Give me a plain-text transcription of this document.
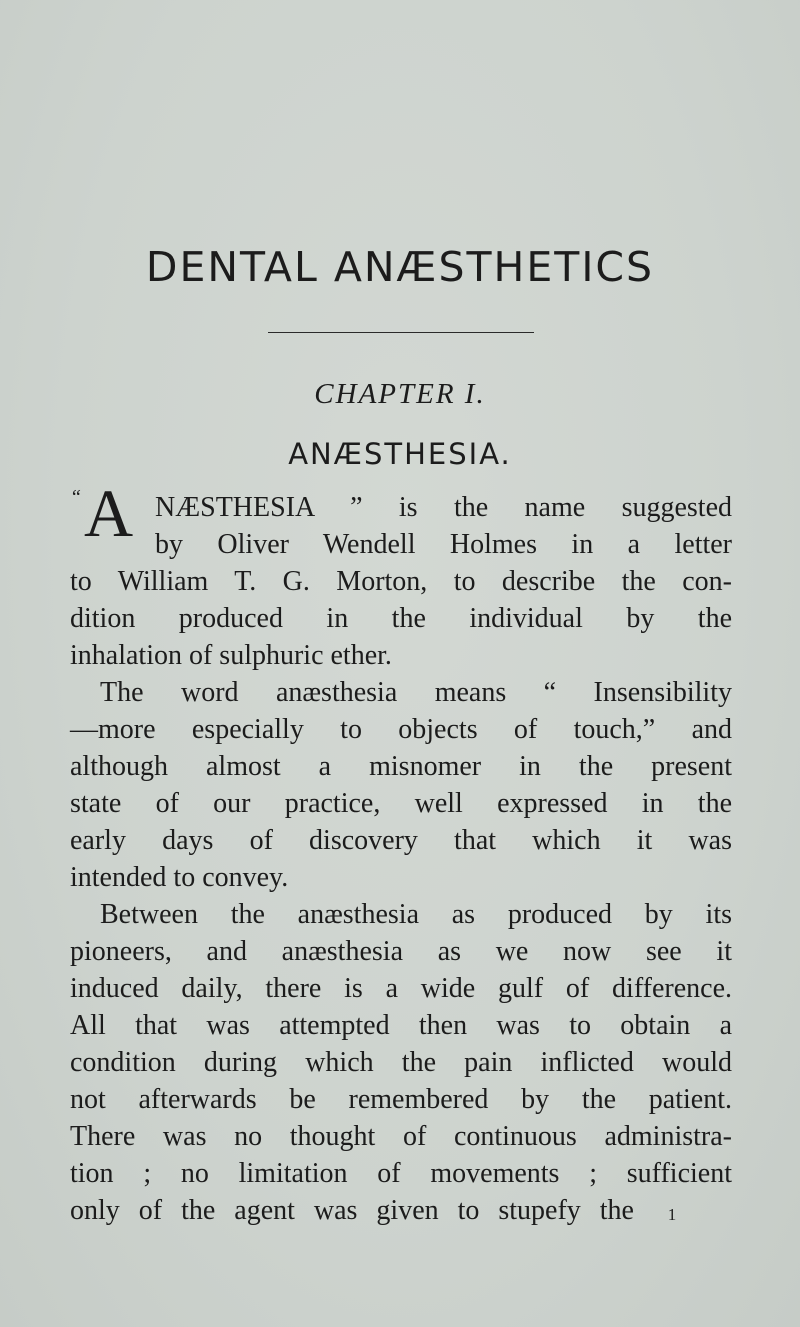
DENTAL ANÆSTHETICS
CHAPTER I.
ANÆSTHESIA.
“ A NÆSTHESIA ” is the name suggested
by Oliver Wendell Holmes in a letter
to William T. G. Morton, to describe the con-
dition produced in the individual by the
inhalation of sulphuric ether.
The word anæsthesia means “ Insensibility
—more especially to objects of touch,” and
although almost a misnomer in the present
state of our practice, well expressed in the
early days of discovery that which it was
intended to convey.
Between the anæsthesia as produced by its
pioneers, and anæsthesia as we now see it
induced daily, there is a wide gulf of difference.
All that was attempted then was to obtain a
condition during which the pain inflicted would
not afterwards be remembered by the patient.
There was no thought of continuous administra-
tion ; no limitation of movements ; sufficient
only of the agent was given to stupefy the	1
